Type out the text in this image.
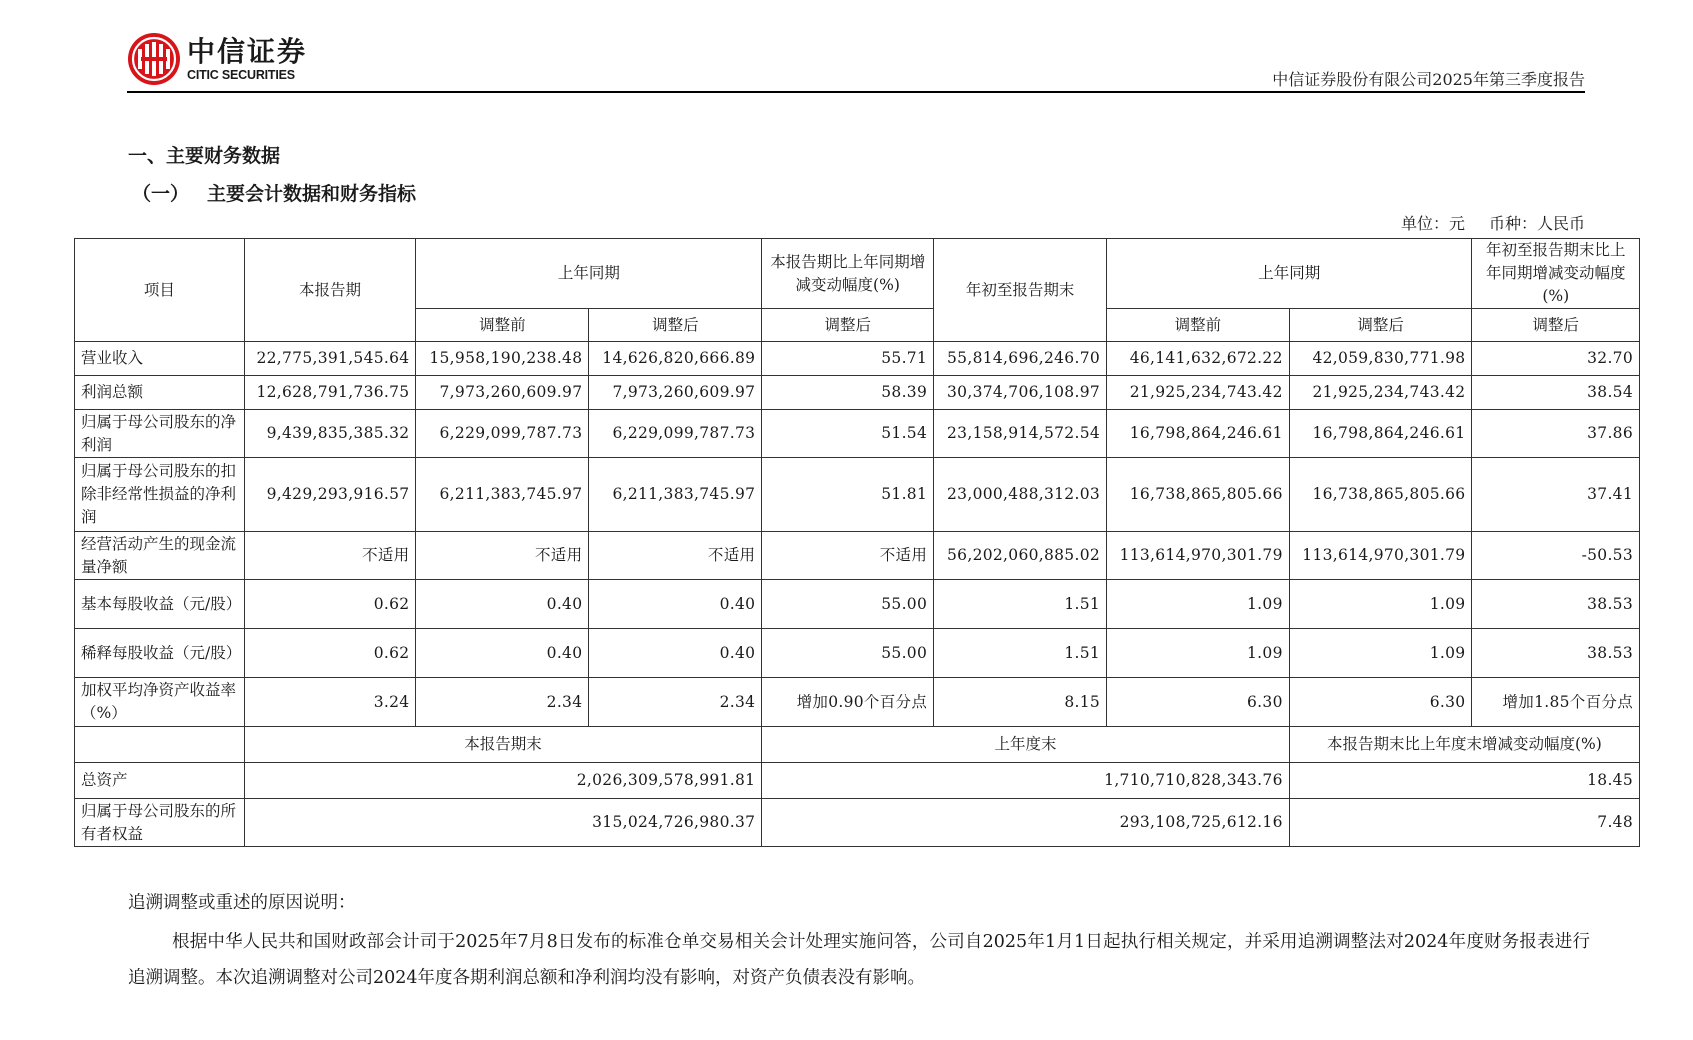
中信证券
CITIC SECURITIES	中信证券股份有限公司2025年第三季度报告
一、主要财务数据
（一） 主要会计数据和财务指标
单位：元 币种：人民币
项目	本报告期	上年同期		本报告期比上年同期增减变动幅度(%)	年初至报告期末	上年同期		年初至报告期末比上年同期增减变动幅度(%)
		调整前	调整后	调整后		调整前	调整后	调整后
营业收入	22,775,391,545.64	15,958,190,238.48	14,626,820,666.89	55.71	55,814,696,246.70	46,141,632,672.22	42,059,830,771.98	32.70
利润总额	12,628,791,736.75	7,973,260,609.97	7,973,260,609.97	58.39	30,374,706,108.97	21,925,234,743.42	21,925,234,743.42	38.54
归属于母公司股东的净利润	9,439,835,385.32	6,229,099,787.73	6,229,099,787.73	51.54	23,158,914,572.54	16,798,864,246.61	16,798,864,246.61	37.86
归属于母公司股东的扣除非经常性损益的净利润	9,429,293,916.57	6,211,383,745.97	6,211,383,745.97	51.81	23,000,488,312.03	16,738,865,805.66	16,738,865,805.66	37.41
经营活动产生的现金流量净额	不适用	不适用	不适用	不适用	56,202,060,885.02	113,614,970,301.79	113,614,970,301.79	-50.53
基本每股收益（元/股）	0.62	0.40	0.40	55.00	1.51	1.09	1.09	38.53
稀释每股收益（元/股）	0.62	0.40	0.40	55.00	1.51	1.09	1.09	38.53
加权平均净资产收益率（%）	3.24	2.34	2.34	增加0.90个百分点	8.15	6.30	6.30	增加1.85个百分点
	本报告期末			上年度末			本报告期末比上年度末增减变动幅度(%)	
总资产	2,026,309,578,991.81			1,710,710,828,343.76			18.45	
归属于母公司股东的所有者权益	315,024,726,980.37			293,108,725,612.16			7.48	
追溯调整或重述的原因说明：
根据中华人民共和国财政部会计司于2025年7月8日发布的标准仓单交易相关会计处理实施问答，公司自2025年1月1日起执行相关规定，并采用追溯调整法对2024年度财务报表进行追溯调整。本次追溯调整对公司2024年度各期利润总额和净利润均没有影响，对资产负债表没有影响。
